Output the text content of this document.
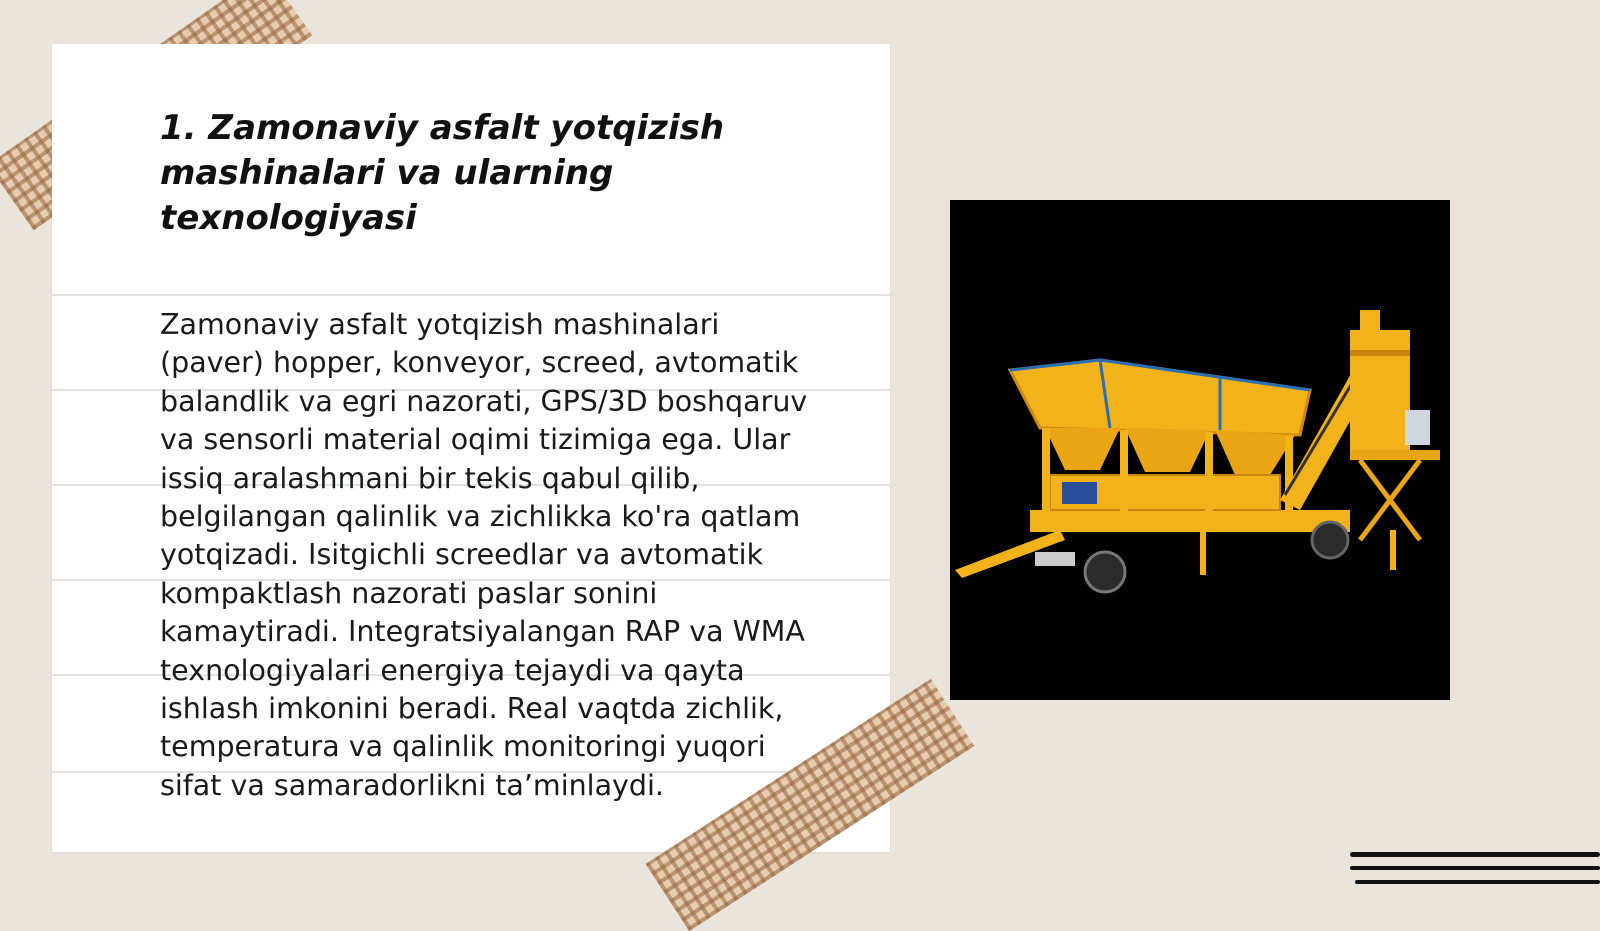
1. Zamonaviy asfalt yotqizish
mashinalari va ularning texnologiyasi
Zamonaviy asfalt yotqizish mashinalari
(paver) hopper, konveyor, screed, avtomatik
balandlik va egri nazorati, GPS/3D boshqaruv
va sensorli material oqimi tizimiga ega. Ular
issiq aralashmani bir tekis qabul qilib,
belgilangan qalinlik va zichlikka ko'ra qatlam
yotqizadi. Isitgichli screedlar va avtomatik
kompaktlash nazorati paslar sonini
kamaytiradi. Integratsiyalangan RAP va WMA
texnologiyalari energiya tejaydi va qayta
ishlash imkonini beradi. Real vaqtda zichlik,
temperatura va qalinlik monitoringi yuqori
sifat va samaradorlikni ta’minlaydi.
